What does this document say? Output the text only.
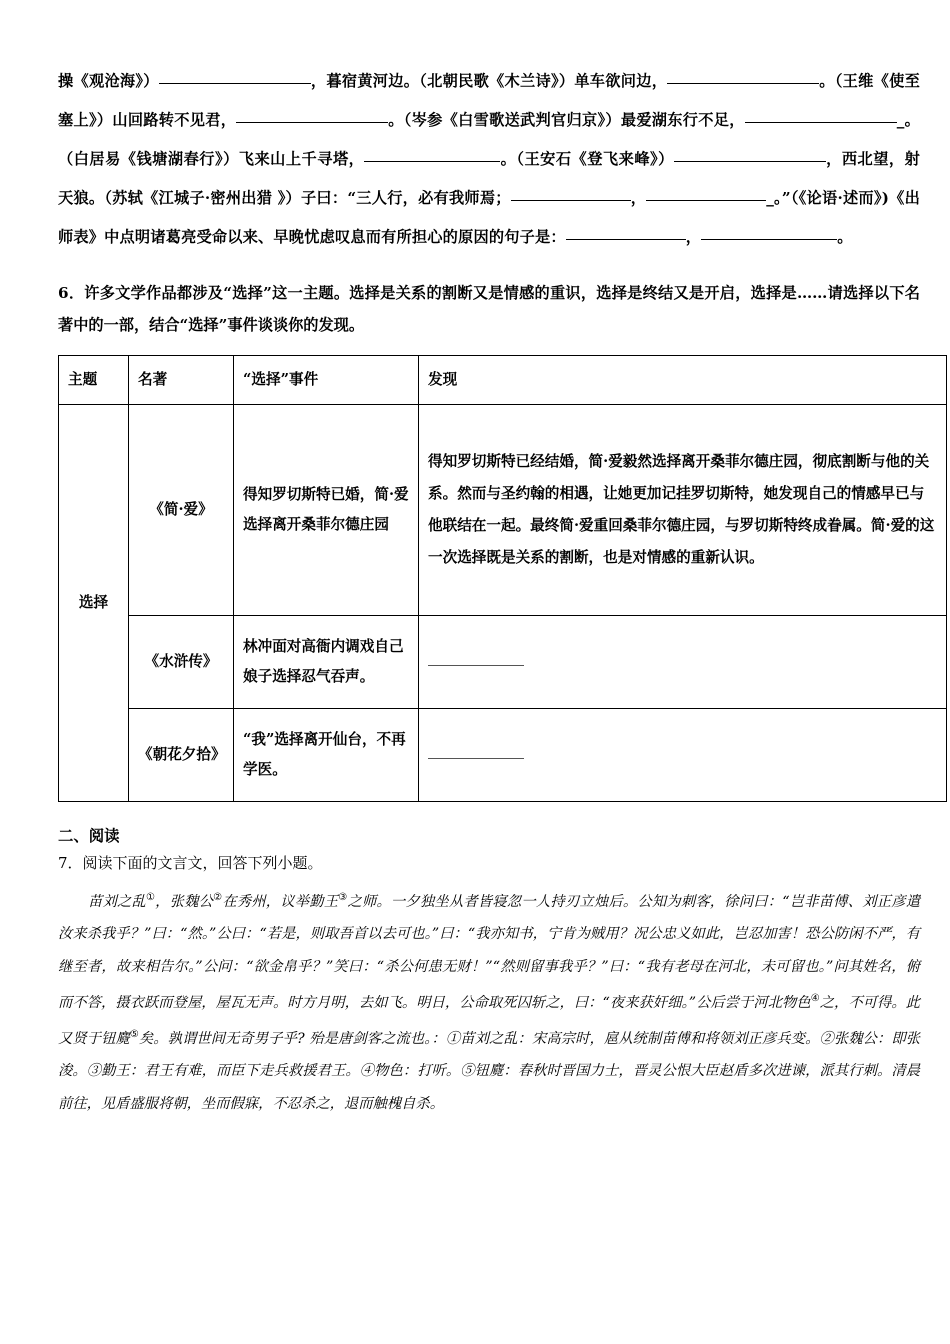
操《观沧海》）	，暮宿黄河边。（北朝民歌《木兰诗》）单车欲问边，	。（王维《使至塞上》）山回路转不见君，	。（岑参《白雪歌送武判官归京》）最爱湖东行不足，	_。（白居易《钱塘湖春行》）飞来山上千寻塔，	。（王安石《登飞来峰》）	，西北望，射天狼。（苏轼《江城子·密州出猎 》）子曰：“三人行，必有我师焉；	，	_。”（《论语·述而》)《出师表》中点明诸葛亮受命以来、早晚忧虑叹息而有所担心的原因的句子是：	，	。
6．许多文学作品都涉及“选择”这一主题。选择是关系的割断又是情感的重识，选择是终结又是开启，选择是……请选择以下名著中的一部，结合“选择”事件谈谈你的发现。
主题	名著	“选择”事件	发现
选择	《简·爱》	得知罗切斯特已婚，简·爱选择离开桑菲尔德庄园	得知罗切斯特已经结婚，简·爱毅然选择离开桑菲尔德庄园，彻底割断与他的关系。然而与圣约翰的相遇，让她更加记挂罗切斯特，她发现自己的情感早已与他联结在一起。最终简·爱重回桑菲尔德庄园，与罗切斯特终成眷属。简·爱的这一次选择既是关系的割断，也是对情感的重新认识。

	《水浒传》	林冲面对高衙内调戏自己娘子选择忍气吞声。	
	《朝花夕拾》	“我”选择离开仙台，不再学医。	
二、阅读
7．阅读下面的文言文，回答下列小题。
苗刘之乱①，张魏公②在秀州，议举勤王③之师。一夕独坐从者皆寝忽一人持刃立烛后。公知为刺客，徐问曰：“岂非苗傅、刘正彦遣汝来杀我乎？”曰：“然。”公曰：“若是，则取吾首以去可也。”曰：“我亦知书，宁肯为贼用？况公忠义如此，岂忍加害！恐公防闲不严，有继至者，故来相告尔。”公问：“欲金帛乎？”笑曰：“杀公何患无财！”“然则留事我乎？”曰：“我有老母在河北，未可留也。”问其姓名，俯而不答，摄衣跃而登屋，屋瓦无声。时方月明，去如飞。明日，公命取死囚斩之，曰：“夜来获奸细。”公后尝于河北物色④之，不可得。此又贤于钮麑⑤矣。孰谓世间无奇男子乎? 殆是唐剑客之流也。：①苗刘之乱：宋高宗时，扈从统制苗傅和将领刘正彦兵变。②张魏公：即张浚。③勤王：君王有难，而臣下走兵救援君王。④物色：打听。⑤钮麑：春秋时晋国力士，晋灵公恨大臣赵盾多次进谏，派其行刺。清晨前往，见盾盛服将朝，坐而假寐，不忍杀之，退而触槐自杀。
